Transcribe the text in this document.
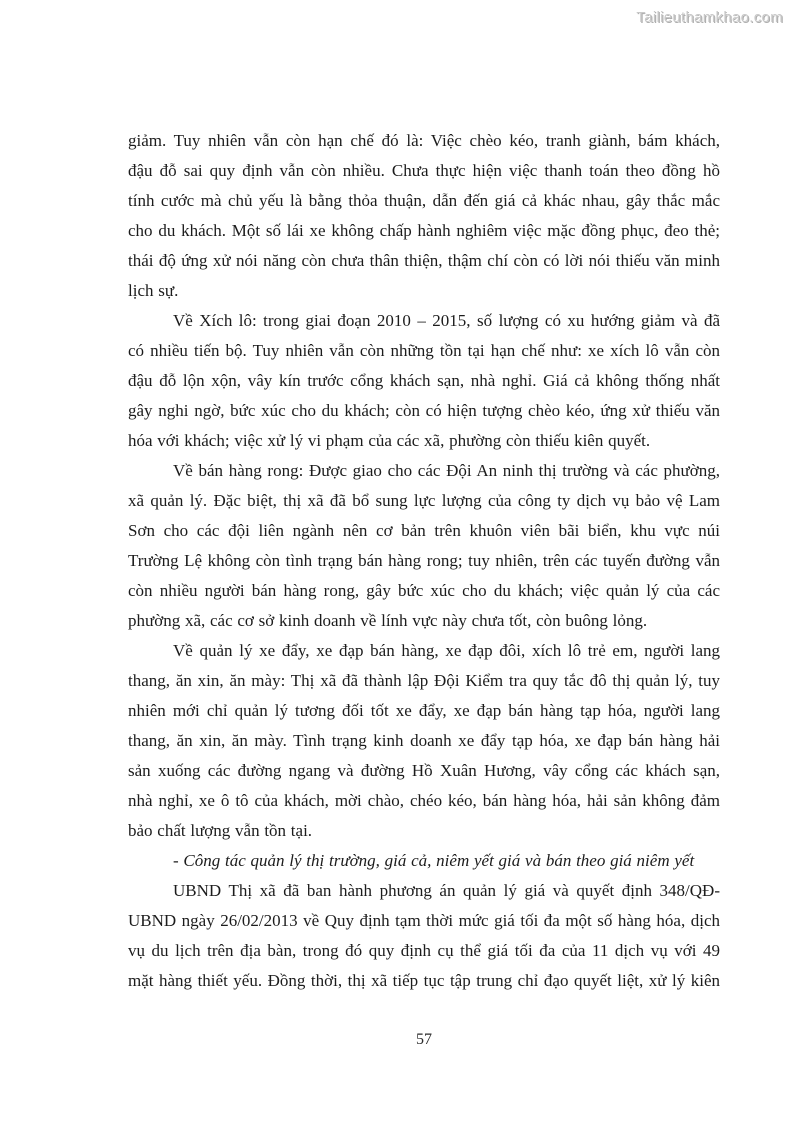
Tailieuthamkhao.com

giảm. Tuy nhiên vẫn còn hạn chế đó là: Việc chèo kéo, tranh giành, bám khách,
đậu đỗ sai quy định vẫn còn nhiều. Chưa thực hiện việc thanh toán theo đồng hồ
tính cước mà chủ yếu là bằng thỏa thuận, dẫn đến giá cả khác nhau, gây thắc mắc
cho du khách. Một số lái xe không chấp hành nghiêm việc mặc đồng phục, đeo thẻ;
thái độ ứng xử nói năng còn chưa thân thiện, thậm chí còn có lời nói thiếu văn minh
lịch sự.

Về Xích lô: trong giai đoạn 2010 – 2015, số lượng có xu hướng giảm và đã
có nhiều tiến bộ. Tuy nhiên vẫn còn những tồn tại hạn chế như: xe xích lô vẫn còn
đậu đỗ lộn xộn, vây kín trước cổng khách sạn, nhà nghỉ. Giá cả không thống nhất
gây nghi ngờ, bức xúc cho du khách; còn có hiện tượng chèo kéo, ứng xử thiếu văn
hóa với khách; việc xử lý vi phạm của các xã, phường còn thiếu kiên quyết.

Về bán hàng rong: Được giao cho các Đội An ninh thị trường và các phường,
xã quản lý. Đặc biệt, thị xã đã bổ sung lực lượng của công ty dịch vụ bảo vệ Lam
Sơn cho các đội liên ngành nên cơ bản trên khuôn viên bãi biển, khu vực núi
Trường Lệ không còn tình trạng bán hàng rong; tuy nhiên, trên các tuyến đường vẫn
còn nhiều người bán hàng rong, gây bức xúc cho du khách; việc quản lý của các
phường xã, các cơ sở kinh doanh về lính vực này chưa tốt, còn buông lỏng.

Về quản lý xe đẩy, xe đạp bán hàng, xe đạp đôi, xích lô trẻ em, người lang
thang, ăn xin, ăn mày: Thị xã đã thành lập Đội Kiểm tra quy tắc đô thị quản lý, tuy
nhiên mới chỉ quản lý tương đối tốt xe đẩy, xe đạp bán hàng tạp hóa, người lang
thang, ăn xin, ăn mày. Tình trạng kinh doanh xe đẩy tạp hóa, xe đạp bán hàng hải
sản xuống các đường ngang và đường Hồ Xuân Hương, vây cổng các khách sạn,
nhà nghỉ, xe ô tô của khách, mời chào, chéo kéo, bán hàng hóa, hải sản không đảm
bảo chất lượng vẫn tồn tại.

- Công tác quản lý thị trường, giá cả, niêm yết giá và bán theo giá niêm yết

UBND Thị xã đã ban hành phương án quản lý giá và quyết định 348/QĐ-
UBND ngày 26/02/2013 về Quy định tạm thời mức giá tối đa một số hàng hóa, dịch
vụ du lịch trên địa bàn, trong đó quy định cụ thể giá tối đa của 11 dịch vụ với 49
mặt hàng thiết yếu. Đồng thời, thị xã tiếp tục tập trung chỉ đạo quyết liệt, xử lý kiên

57
